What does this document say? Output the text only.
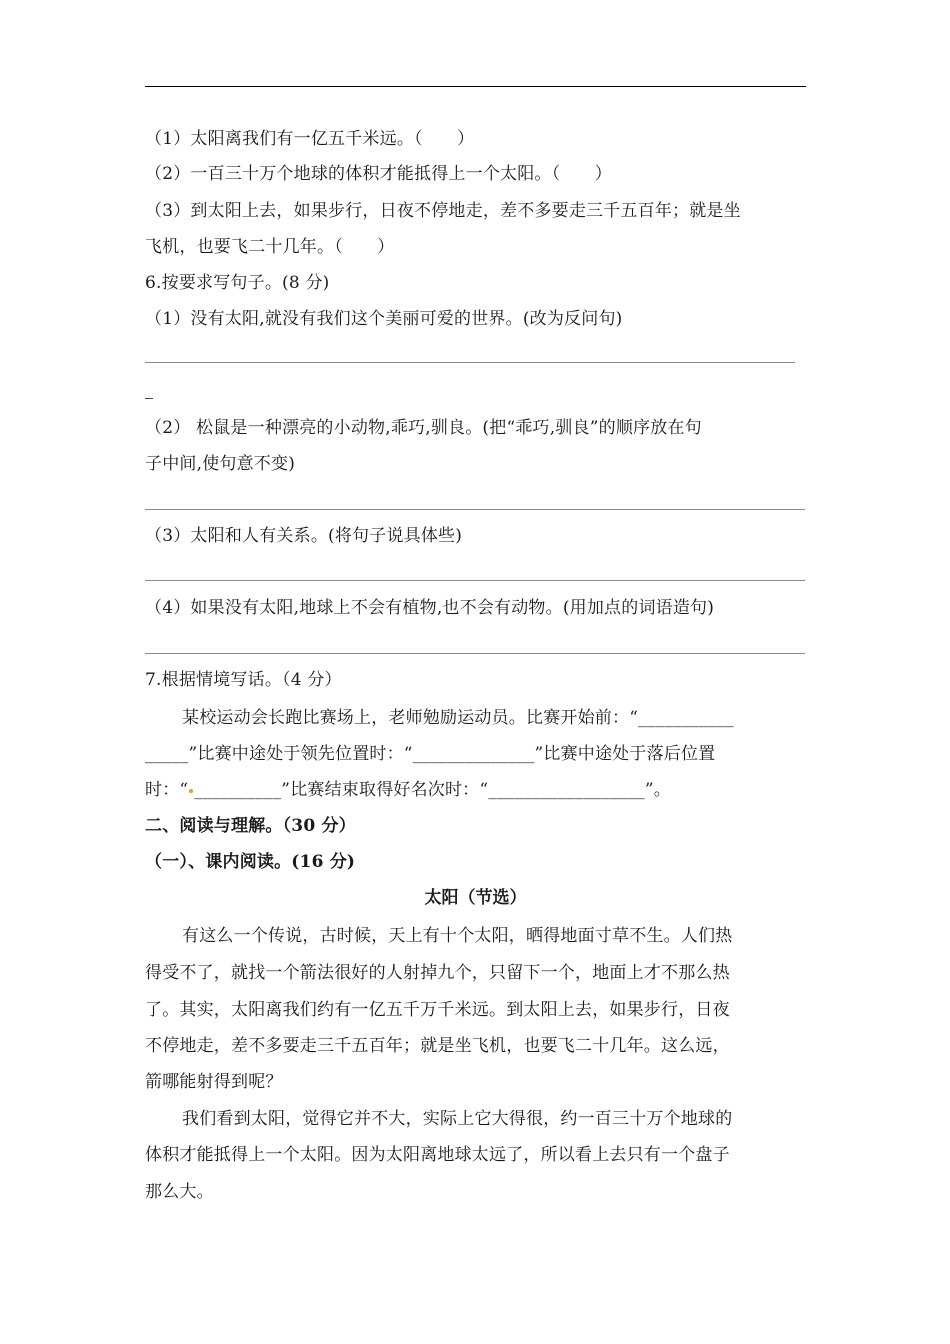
（1）太阳离我们有一亿五千米远。（　　）
（2）一百三十万个地球的体积才能抵得上一个太阳。（　　）
（3）到太阳上去，如果步行，日夜不停地走，差不多要走三千五百年；就是坐
飞机，也要飞二十几年。（　　）
6.按要求写句子。(8 分)
（1）没有太阳,就没有我们这个美丽可爱的世界。(改为反问句)
（2） 松鼠是一种漂亮的小动物,乖巧,驯良。(把“乖巧,驯良”的顺序放在句
子中间,使句意不变)
（3）太阳和人有关系。(将句子说具体些)
（4）如果没有太阳,地球上不会有植物,也不会有动物。(用加点的词语造句)
7.根据情境写话。（4 分）
某校运动会长跑比赛场上，老师勉励运动员。比赛开始前：“___________
_____”比赛中途处于领先位置时：“______________”比赛中途处于落后位置
时：“ __________”比赛结束取得好名次时：“__________________”。
二、阅读与理解。（30 分）
（一）、课内阅读。(16 分)
太阳（节选）
有这么一个传说，古时候，天上有十个太阳，晒得地面寸草不生。人们热
得受不了，就找一个箭法很好的人射掉九个，只留下一个，地面上才不那么热
了。其实，太阳离我们约有一亿五千万千米远。到太阳上去，如果步行，日夜
不停地走，差不多要走三千五百年；就是坐飞机，也要飞二十几年。这么远，
箭哪能射得到呢？
我们看到太阳，觉得它并不大，实际上它大得很，约一百三十万个地球的
体积才能抵得上一个太阳。因为太阳离地球太远了，所以看上去只有一个盘子
那么大。
